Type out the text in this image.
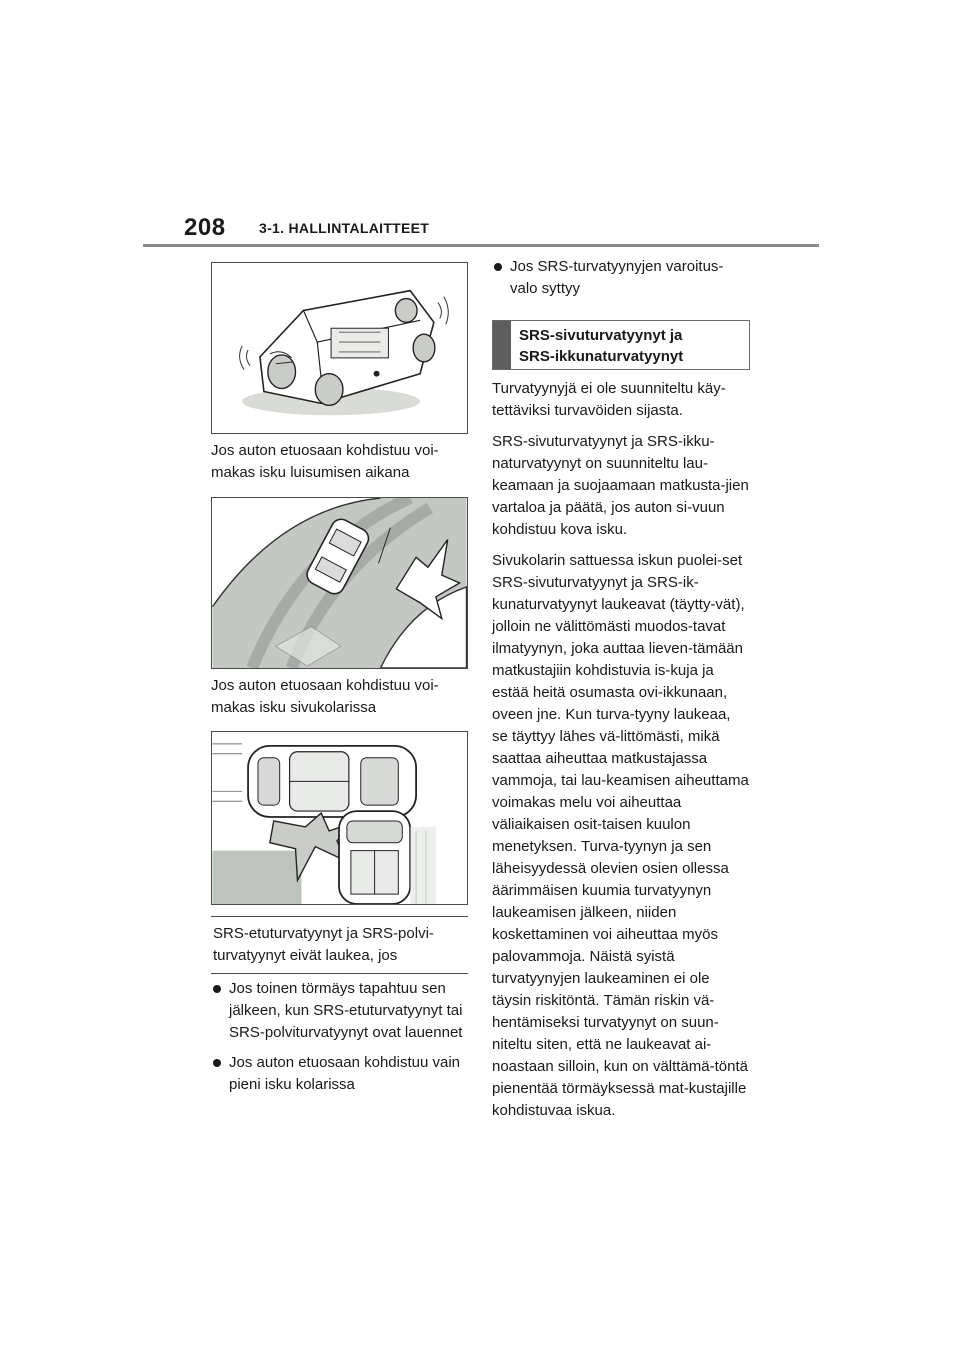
208 3-1. HALLINTALAITTEET
Jos auton etuosaan kohdistuu voi-
makas isku luisumisen aikana
Jos auton etuosaan kohdistuu voi-
makas isku sivukolarissa
SRS-etuturvatyynyt ja SRS-polvi-
turvatyynyt eivät laukea, jos
Jos toinen törmäys tapahtuu sen jälkeen, kun SRS-etuturvatyynyt tai SRS-polviturvatyynyt ovat lauennet
Jos auton etuosaan kohdistuu vain pieni isku kolarissa
Jos SRS-turvatyynyjen varoitus-
valo syttyy
SRS-sivuturvatyynyt ja
SRS-ikkunaturvatyynyt

Turvatyynyjä ei ole suunniteltu käy-tettäviksi turvavöiden sijasta.

SRS-sivuturvatyynyt ja SRS-ikku-naturvatyynyt on suunniteltu lau-keamaan ja suojaamaan matkusta-jien vartaloa ja päätä, jos auton si-vuun kohdistuu kova isku.

Sivukolarin sattuessa iskun puolei-set SRS-sivuturvatyynyt ja SRS-ik-kunaturvatyynyt laukeavat (täytty-vät), jolloin ne välittömästi muodos-tavat ilmatyynyn, joka auttaa lieven-tämään matkustajiin kohdistuvia is-kuja ja estää heitä osumasta ovi-ikkunaan, oveen jne. Kun turva-tyyny laukeaa, se täyttyy lähes vä-littömästi, mikä saattaa aiheuttaa matkustajassa vammoja, tai lau-keamisen aiheuttama voimakas melu voi aiheuttaa väliaikaisen osit-taisen kuulon menetyksen. Turva-tyynyn ja sen läheisyydessä olevien osien ollessa äärimmäisen kuumia turvatyynyn laukeamisen jälkeen, niiden koskettaminen voi aiheuttaa myös palovammoja. Näistä syistä turvatyynyjen laukeaminen ei ole täysin riskitöntä. Tämän riskin vä-hentämiseksi turvatyynyt on suun-niteltu siten, että ne laukeavat ai-noastaan silloin, kun on välttämä-töntä pienentää törmäyksessä mat-kustajille kohdistuvaa iskua.
